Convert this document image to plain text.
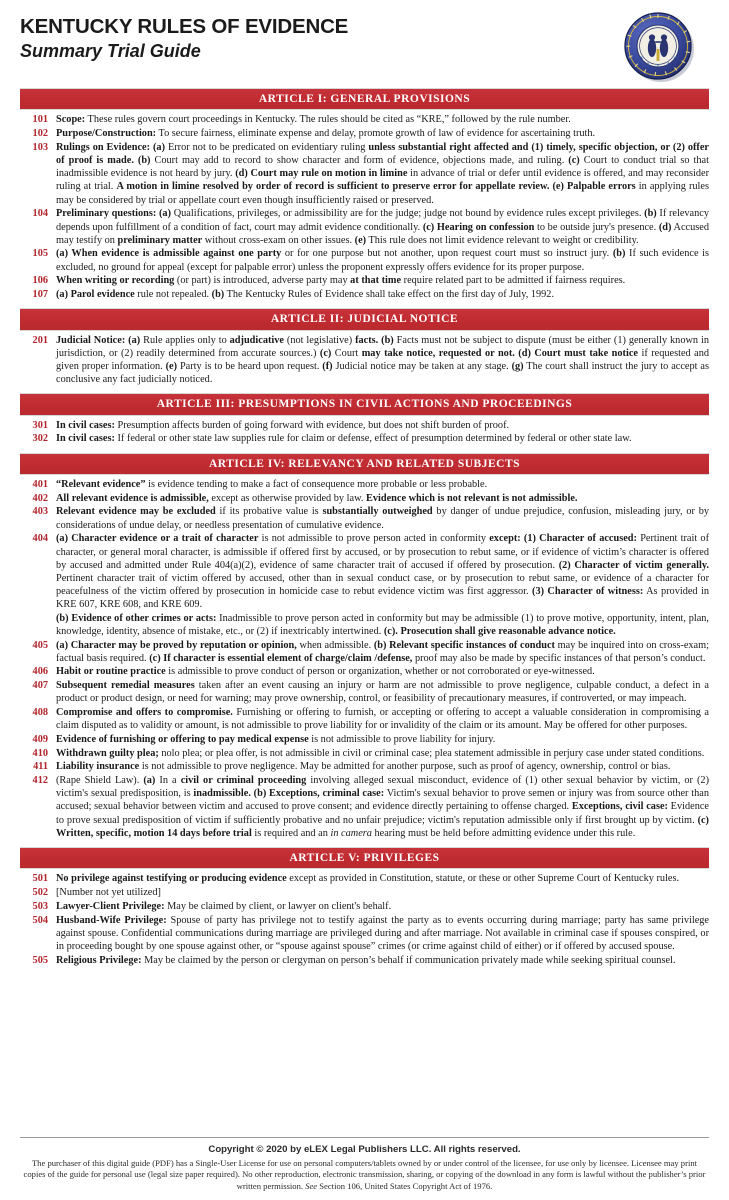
KENTUCKY RULES OF EVIDENCE
Summary Trial Guide
ARTICLE I: GENERAL PROVISIONS
101 Scope: These rules govern court proceedings in Kentucky. The rules should be cited as “KRE,” followed by the rule number.
102 Purpose/Construction: To secure fairness, eliminate expense and delay, promote growth of law of evidence for ascertaining truth.
103 Rulings on Evidence: (a) Error not to be predicated on evidentiary ruling unless substantial right affected and (1) timely, specific objection, or (2) offer of proof is made. (b) Court may add to record to show character and form of evidence, objections made, and ruling. (c) Court to conduct trial so that inadmissible evidence is not heard by jury. (d) Court may rule on motion in limine in advance of trial or defer until evidence is offered, and may reconsider ruling at trial. A motion in limine resolved by order of record is sufficient to preserve error for appellate review. (e) Palpable errors in applying rules may be considered by trial or appellate court even though insufficiently raised or preserved.
104 Preliminary questions: (a) Qualifications, privileges, or admissibility are for the judge; judge not bound by evidence rules except privileges. (b) If relevancy depends upon fulfillment of a condition of fact, court may admit evidence conditionally. (c) Hearing on confession to be outside jury's presence. (d) Accused may testify on preliminary matter without cross-exam on other issues. (e) This rule does not limit evidence relevant to weight or credibility.
105 (a) When evidence is admissible against one party or for one purpose but not another, upon request court must so instruct jury. (b) If such evidence is excluded, no ground for appeal (except for palpable error) unless the proponent expressly offers evidence for its proper purpose.
106 When writing or recording (or part) is introduced, adverse party may at that time require related part to be admitted if fairness requires.
107 (a) Parol evidence rule not repealed. (b) The Kentucky Rules of Evidence shall take effect on the first day of July, 1992.
ARTICLE II: JUDICIAL NOTICE
201 Judicial Notice: (a) Rule applies only to adjudicative (not legislative) facts. (b) Facts must not be subject to dispute (must be either (1) generally known in jurisdiction, or (2) readily determined from accurate sources.) (c) Court may take notice, requested or not. (d) Court must take notice if requested and given proper information. (e) Party is to be heard upon request. (f) Judicial notice may be taken at any stage. (g) The court shall instruct the jury to accept as conclusive any fact judicially noticed.
ARTICLE III: PRESUMPTIONS IN CIVIL ACTIONS AND PROCEEDINGS
301 In civil cases: Presumption affects burden of going forward with evidence, but does not shift burden of proof.
302 In civil cases: If federal or other state law supplies rule for claim or defense, effect of presumption determined by federal or other state law.
ARTICLE IV: RELEVANCY AND RELATED SUBJECTS
401 “Relevant evidence” is evidence tending to make a fact of consequence more probable or less probable.
402 All relevant evidence is admissible, except as otherwise provided by law. Evidence which is not relevant is not admissible.
403 Relevant evidence may be excluded if its probative value is substantially outweighed by danger of undue prejudice, confusion, misleading jury, or by considerations of undue delay, or needless presentation of cumulative evidence.
404 (a) Character evidence or a trait of character is not admissible to prove person acted in conformity except: (1) Character of accused: Pertinent trait of character, or general moral character, is admissible if offered first by accused, or by prosecution to rebut same, or if evidence of victim’s character is offered by accused and admitted under Rule 404(a)(2), evidence of same character trait of accused if offered by prosecution. (2) Character of victim generally. Pertinent character trait of victim offered by accused, other than in sexual conduct case, or by prosecution to rebut same, or evidence of a character for peacefulness of the victim offered by prosecution in homicide case to rebut evidence victim was first aggressor. (3) Character of witness: As provided in KRE 607, KRE 608, and KRE 609.
(b) Evidence of other crimes or acts: Inadmissible to prove person acted in conformity but may be admissible (1) to prove motive, opportunity, intent, plan, knowledge, identity, absence of mistake, etc., or (2) if inextricably intertwined. (c). Prosecution shall give reasonable advance notice.
405 (a) Character may be proved by reputation or opinion, when admissible. (b) Relevant specific instances of conduct may be inquired into on cross-exam; factual basis required. (c) If character is essential element of charge/claim /defense, proof may also be made by specific instances of that person’s conduct.
406 Habit or routine practice is admissible to prove conduct of person or organization, whether or not corroborated or eye-witnessed.
407 Subsequent remedial measures taken after an event causing an injury or harm are not admissible to prove negligence, culpable conduct, a defect in a product or product design, or need for warning; may prove ownership, control, or feasibility of precautionary measures, if controverted, or may impeach.
408 Compromise and offers to compromise. Furnishing or offering to furnish, or accepting or offering to accept a valuable consideration in compromising a claim disputed as to validity or amount, is not admissible to prove liability for or invalidity of the claim or its amount. May be offered for other purposes.
409 Evidence of furnishing or offering to pay medical expense is not admissible to prove liability for injury.
410 Withdrawn guilty plea; nolo plea; or plea offer, is not admissible in civil or criminal case; plea statement admissible in perjury case under stated conditions.
411 Liability insurance is not admissible to prove negligence. May be admitted for another purpose, such as proof of agency, ownership, control or bias.
412 (Rape Shield Law). (a) In a civil or criminal proceeding involving alleged sexual misconduct, evidence of (1) other sexual behavior by victim, or (2) victim's sexual predisposition, is inadmissible. (b) Exceptions, criminal case: Victim's sexual behavior to prove semen or injury was from source other than accused; sexual behavior between victim and accused to prove consent; and evidence directly pertaining to offense charged. Exceptions, civil case: Evidence to prove sexual predisposition of victim if sufficiently probative and no unfair prejudice; victim's reputation admissible only if first brought up by victim. (c) Written, specific, motion 14 days before trial is required and an in camera hearing must be held before admitting evidence under this rule.
ARTICLE V: PRIVILEGES
501 No privilege against testifying or producing evidence except as provided in Constitution, statute, or these or other Supreme Court of Kentucky rules.
502 [Number not yet utilized]
503 Lawyer-Client Privilege: May be claimed by client, or lawyer on client's behalf.
504 Husband-Wife Privilege: Spouse of party has privilege not to testify against the party as to events occurring during marriage; party has same privilege against spouse. Confidential communications during marriage are privileged during and after marriage. Not available in criminal case if spouses conspired, or in proceeding bought by one spouse against other, or “spouse against spouse” crimes (or crime against child of either) or if offered by accused spouse.
505 Religious Privilege: May be claimed by the person or clergyman on person’s behalf if communication privately made while seeking spiritual counsel.
Copyright © 2020 by eLEX Legal Publishers LLC. All rights reserved.
The purchaser of this digital guide (PDF) has a Single-User License for use on personal computers/tablets owned by or under control of the licensee, for use only by licensee. Licensee may print copies of the guide for personal use (legal size paper required). No other reproduction, electronic transmission, sharing, or copying of the download in any form is lawful without the publisher’s prior written permission. See Section 106, United States Copyright Act of 1976.
